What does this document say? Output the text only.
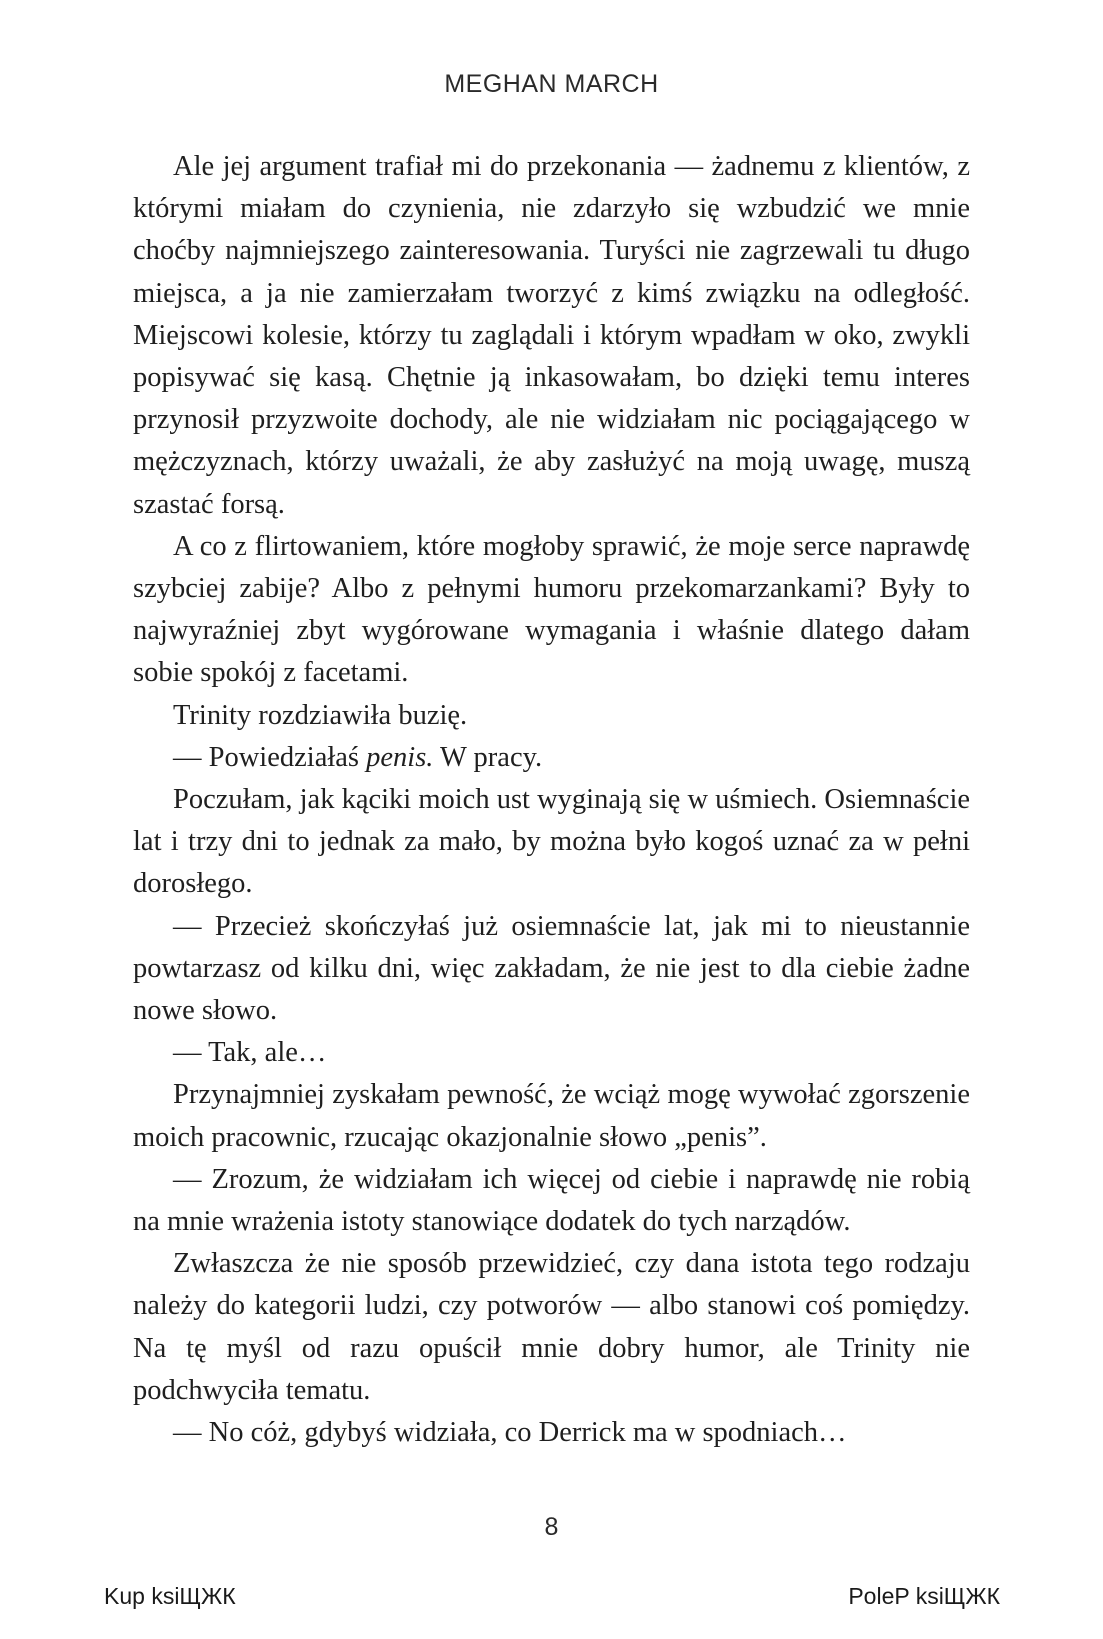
MEGHAN MARCH

Ale jej argument trafiał mi do przekonania — żadnemu z klientów, z którymi miałam do czynienia, nie zdarzyło się wzbudzić we mnie choćby najmniejszego zainteresowania. Turyści nie zagrzewali tu długo miejsca, a ja nie zamierzałam tworzyć z kimś związku na odległość. Miejscowi kolesie, którzy tu zaglądali i którym wpadłam w oko, zwykli popisywać się kasą. Chętnie ją inkasowałam, bo dzięki temu interes przynosił przyzwoite dochody, ale nie widziałam nic pociągającego w mężczyznach, którzy uważali, że aby zasłużyć na moją uwagę, muszą szastać forsą.

A co z flirtowaniem, które mogłoby sprawić, że moje serce naprawdę szybciej zabije? Albo z pełnymi humoru przekomarzankami? Były to najwyraźniej zbyt wygórowane wymagania i właśnie dlatego dałam sobie spokój z facetami.

Trinity rozdziawiła buzię.

— Powiedziałaś penis. W pracy.

Poczułam, jak kąciki moich ust wyginają się w uśmiech. Osiemnaście lat i trzy dni to jednak za mało, by można było kogoś uznać za w pełni dorosłego.

— Przecież skończyłaś już osiemnaście lat, jak mi to nieustannie powtarzasz od kilku dni, więc zakładam, że nie jest to dla ciebie żadne nowe słowo.

— Tak, ale…

Przynajmniej zyskałam pewność, że wciąż mogę wywołać zgorszenie moich pracownic, rzucając okazjonalnie słowo „penis”.

— Zrozum, że widziałam ich więcej od ciebie i naprawdę nie robią na mnie wrażenia istoty stanowiące dodatek do tych narządów.

Zwłaszcza że nie sposób przewidzieć, czy dana istota tego rodzaju należy do kategorii ludzi, czy potworów — albo stanowi coś pomiędzy. Na tę myśl od razu opuścił mnie dobry humor, ale Trinity nie podchwyciła tematu.

— No cóż, gdybyś widziała, co Derrick ma w spodniach…

8
Kup ksiЩЖК	PoleP ksiЩЖК
